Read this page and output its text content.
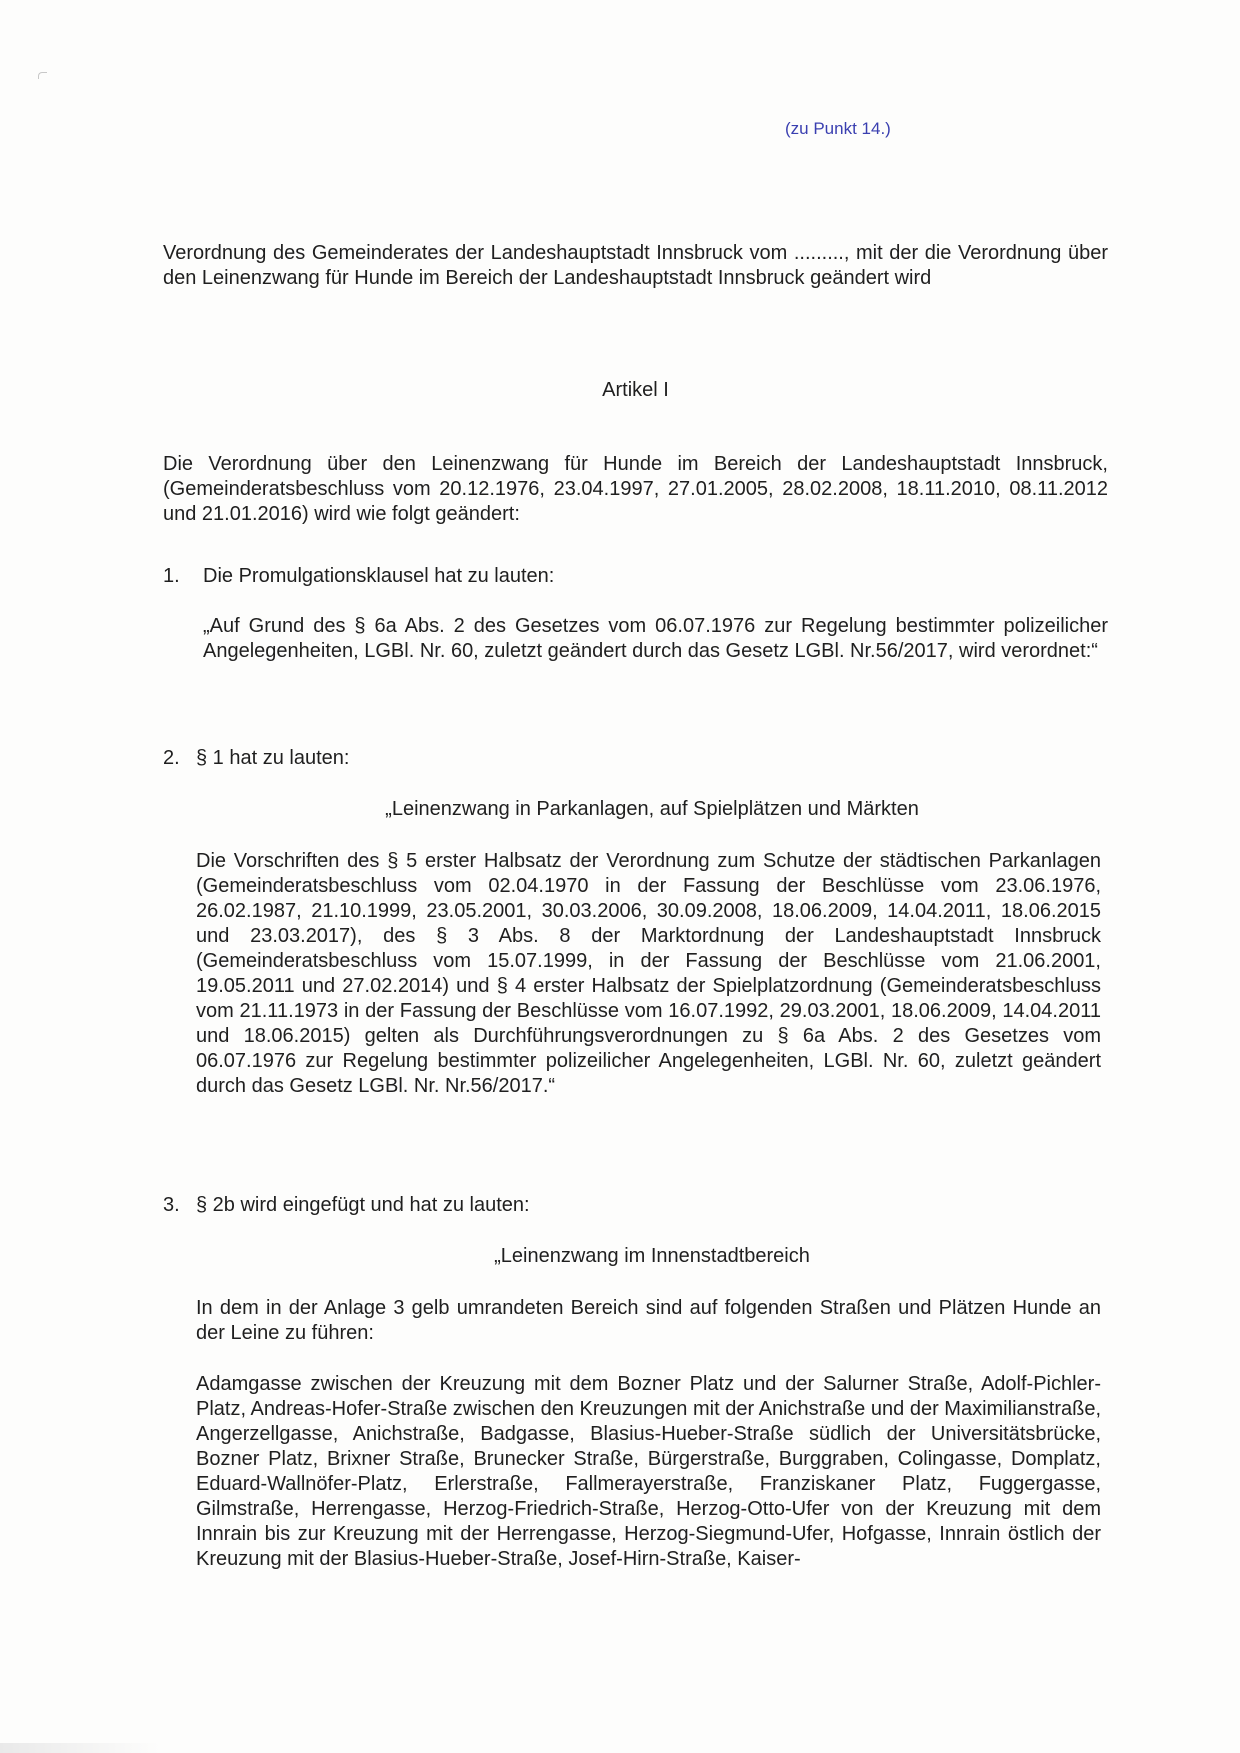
(zu Punkt 14.)
Verordnung des Gemeinderates der Landeshauptstadt Innsbruck vom ........., mit der die Verordnung über den Leinenzwang für Hunde im Bereich der Landeshauptstadt Innsbruck geändert wird
Artikel I
Die Verordnung über den Leinenzwang für Hunde im Bereich der Landeshauptstadt Innsbruck, (Gemeinderatsbeschluss vom 20.12.1976, 23.04.1997, 27.01.2005, 28.02.2008, 18.11.2010, 08.11.2012 und 21.01.2016) wird wie folgt geändert:
1. Die Promulgationsklausel hat zu lauten:
„Auf Grund des § 6a Abs. 2 des Gesetzes vom 06.07.1976 zur Regelung bestimmter polizeilicher Angelegenheiten, LGBl. Nr. 60, zuletzt geändert durch das Gesetz LGBl. Nr.56/2017, wird verordnet:“
2. § 1 hat zu lauten:
„Leinenzwang in Parkanlagen, auf Spielplätzen und Märkten
Die Vorschriften des § 5 erster Halbsatz der Verordnung zum Schutze der städtischen Parkanlagen (Gemeinderatsbeschluss vom 02.04.1970 in der Fassung der Beschlüsse vom 23.06.1976, 26.02.1987, 21.10.1999, 23.05.2001, 30.03.2006, 30.09.2008, 18.06.2009, 14.04.2011, 18.06.2015 und 23.03.2017), des § 3 Abs. 8 der Marktordnung der Landeshauptstadt Innsbruck (Gemeinderatsbeschluss vom 15.07.1999, in der Fassung der Beschlüsse vom 21.06.2001, 19.05.2011 und 27.02.2014) und § 4 erster Halbsatz der Spielplatzordnung (Gemeinderatsbeschluss vom 21.11.1973 in der Fassung der Beschlüsse vom 16.07.1992, 29.03.2001, 18.06.2009, 14.04.2011 und 18.06.2015) gelten als Durchführungsverordnungen zu § 6a Abs. 2 des Gesetzes vom 06.07.1976 zur Regelung bestimmter polizeilicher Angelegenheiten, LGBl. Nr. 60, zuletzt geändert durch das Gesetz LGBl. Nr. Nr.56/2017.“
3. § 2b wird eingefügt und hat zu lauten:
„Leinenzwang im Innenstadtbereich
In dem in der Anlage 3 gelb umrandeten Bereich sind auf folgenden Straßen und Plätzen Hunde an der Leine zu führen:
Adamgasse zwischen der Kreuzung mit dem Bozner Platz und der Salurner Straße, Adolf-Pichler-Platz, Andreas-Hofer-Straße zwischen den Kreuzungen mit der Anichstraße und der Maximilianstraße, Angerzellgasse, Anichstraße, Badgasse, Blasius-Hueber-Straße südlich der Universitätsbrücke, Bozner Platz, Brixner Straße, Brunecker Straße, Bürgerstraße, Burggraben, Colingasse, Domplatz, Eduard-Wallnöfer-Platz, Erlerstraße, Fallmerayerstraße, Franziskaner Platz, Fuggergasse, Gilmstraße, Herrengasse, Herzog-Friedrich-Straße, Herzog-Otto-Ufer von der Kreuzung mit dem Innrain bis zur Kreuzung mit der Herrengasse, Herzog-Siegmund-Ufer, Hofgasse, Innrain östlich der Kreuzung mit der Blasius-Hueber-Straße, Josef-Hirn-Straße, Kaiser-
